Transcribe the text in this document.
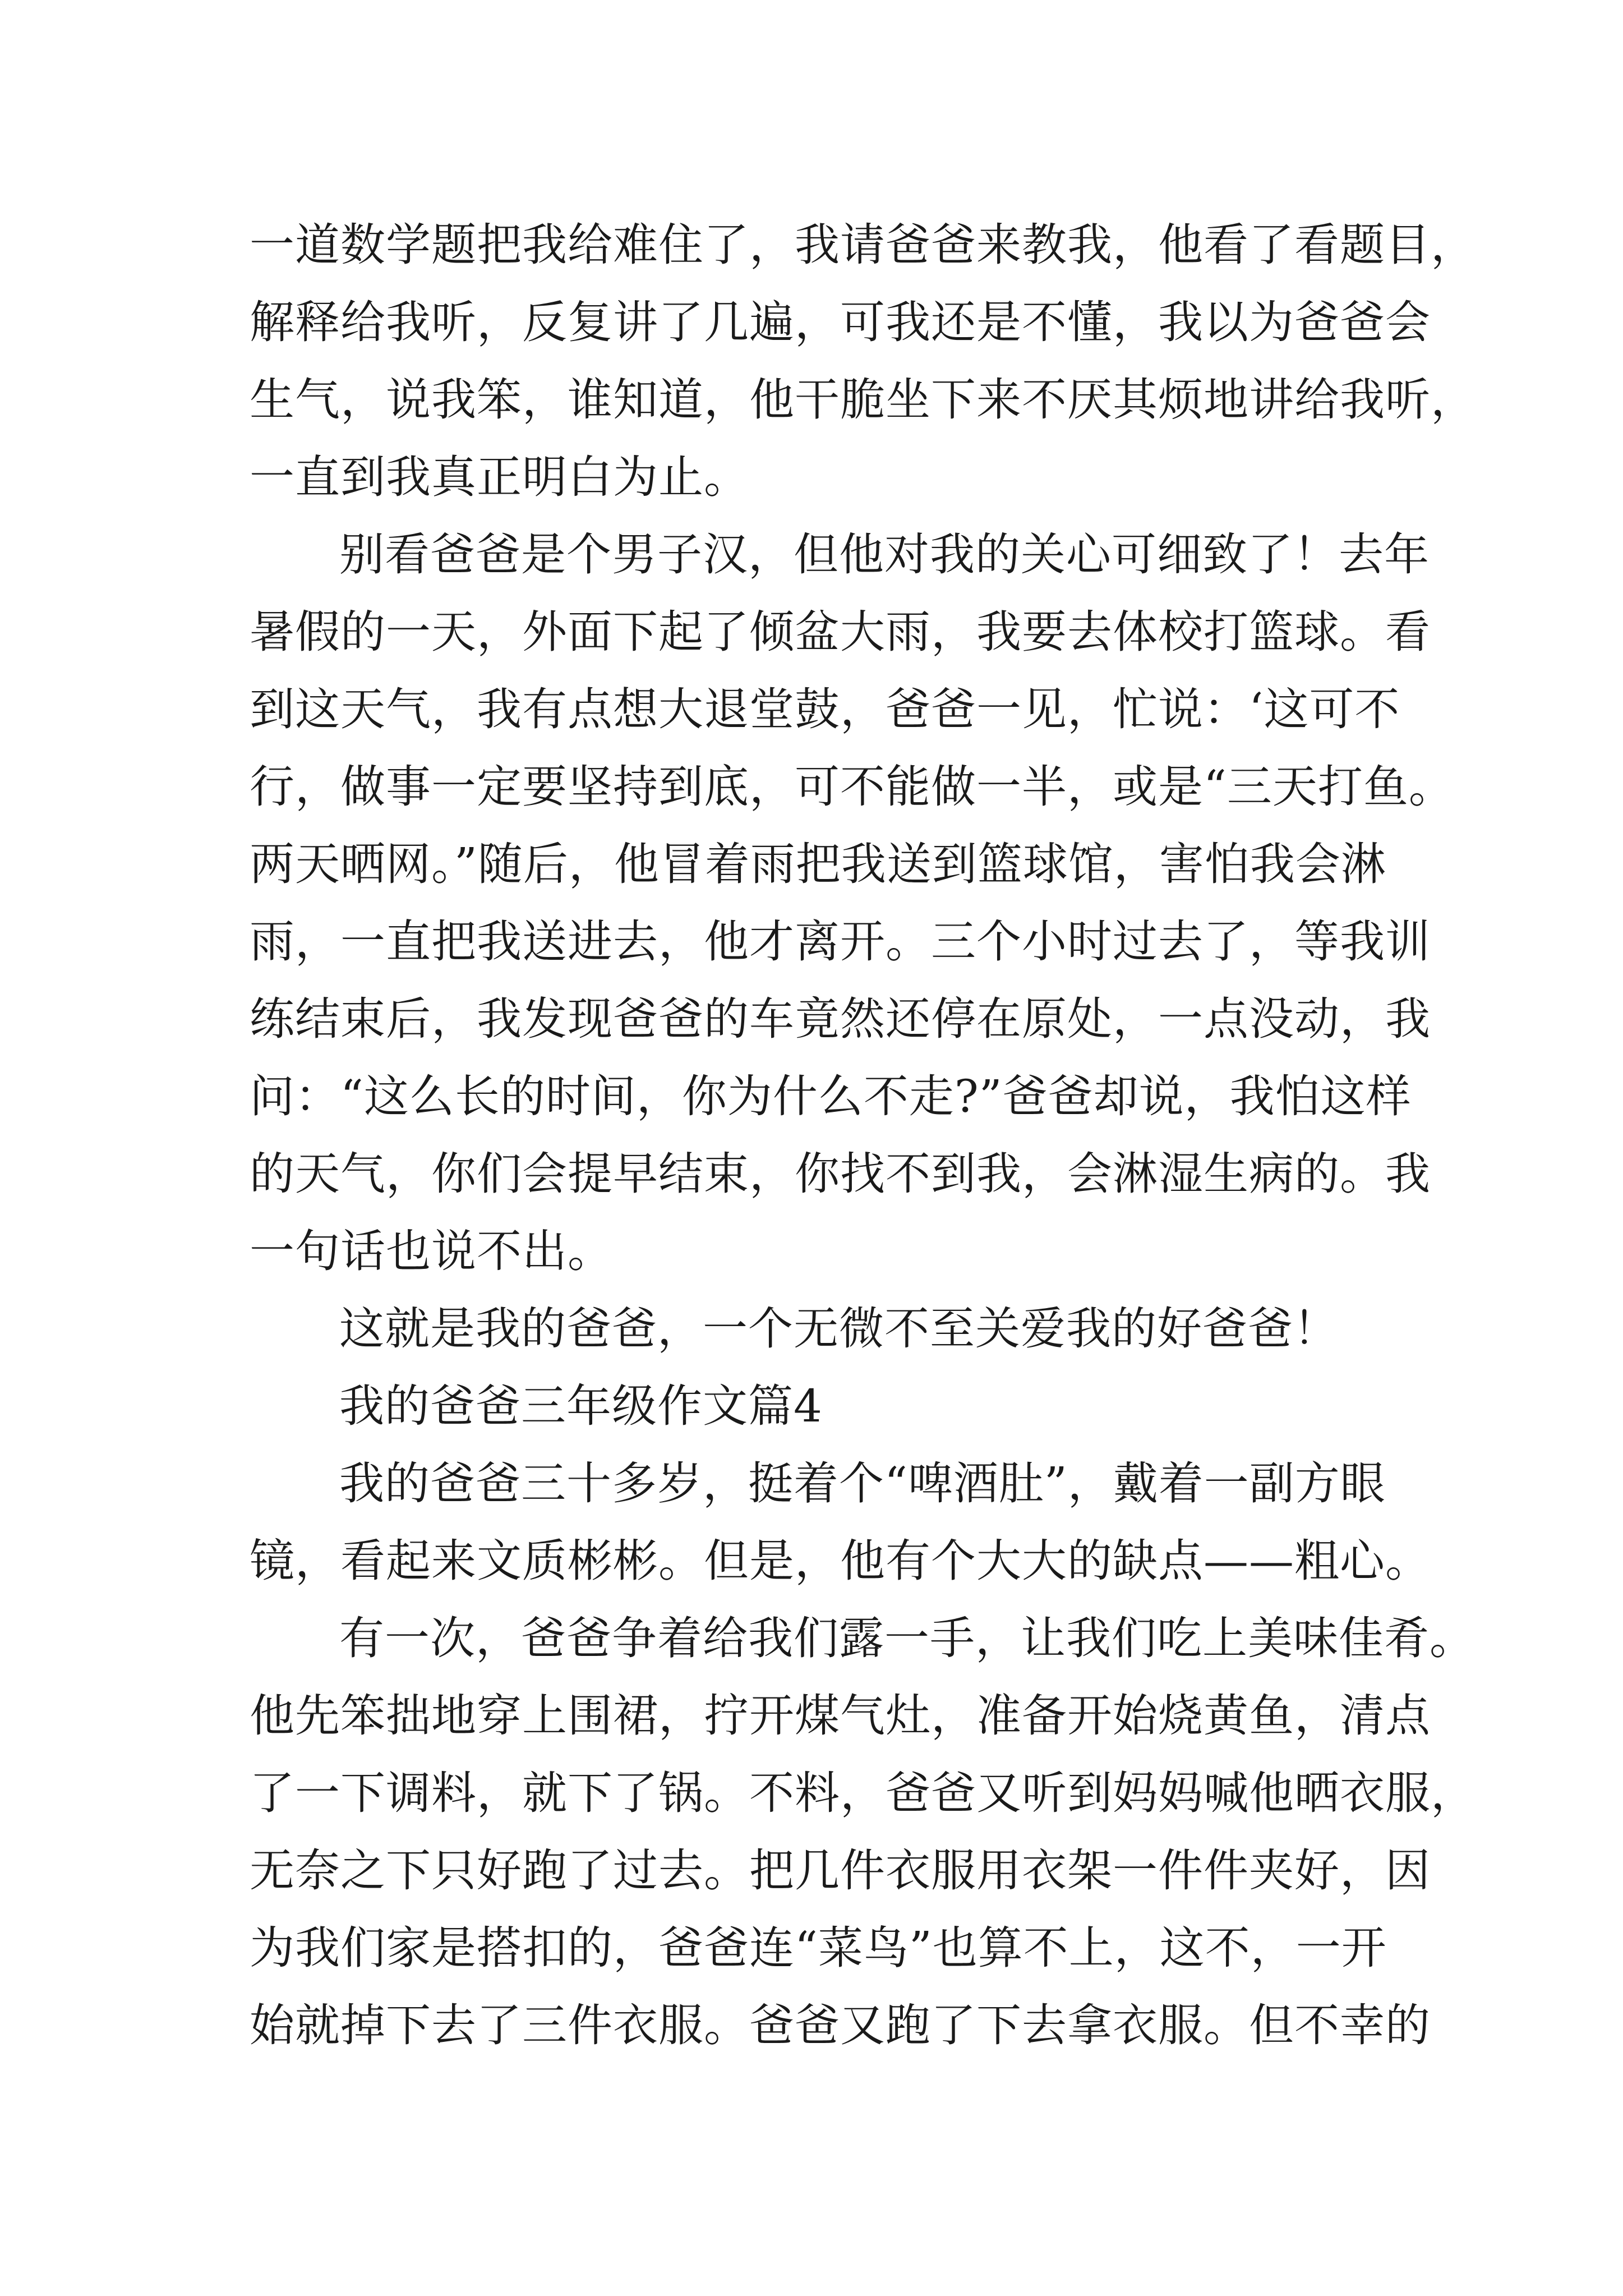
一道数学题把我给难住了，我请爸爸来教我，他看了看题目，
解释给我听，反复讲了几遍，可我还是不懂，我以为爸爸会
生气，说我笨，谁知道，他干脆坐下来不厌其烦地讲给我听，
一直到我真正明白为止。
别看爸爸是个男子汉，但他对我的关心可细致了！去年
暑假的一天，外面下起了倾盆大雨，我要去体校打篮球。看
到这天气，我有点想大退堂鼓，爸爸一见，忙说：‘这可不
行，做事一定要坚持到底，可不能做一半，或是“三天打鱼。
两天晒网。”随后，他冒着雨把我送到篮球馆，害怕我会淋
雨，一直把我送进去，他才离开。三个小时过去了，等我训
练结束后，我发现爸爸的车竟然还停在原处，一点没动，我
问：“这么长的时间，你为什么不走?”爸爸却说，我怕这样
的天气，你们会提早结束，你找不到我，会淋湿生病的。我
一句话也说不出。
这就是我的爸爸，一个无微不至关爱我的好爸爸！
我的爸爸三年级作文篇4
我的爸爸三十多岁，挺着个“啤酒肚”，戴着一副方眼
镜，看起来文质彬彬。但是，他有个大大的缺点——粗心。
有一次，爸爸争着给我们露一手，让我们吃上美味佳肴。
他先笨拙地穿上围裙，拧开煤气灶，准备开始烧黄鱼，清点
了一下调料，就下了锅。不料，爸爸又听到妈妈喊他晒衣服，
无奈之下只好跑了过去。把几件衣服用衣架一件件夹好，因
为我们家是搭扣的，爸爸连“菜鸟”也算不上，这不，一开
始就掉下去了三件衣服。爸爸又跑了下去拿衣服。但不幸的
